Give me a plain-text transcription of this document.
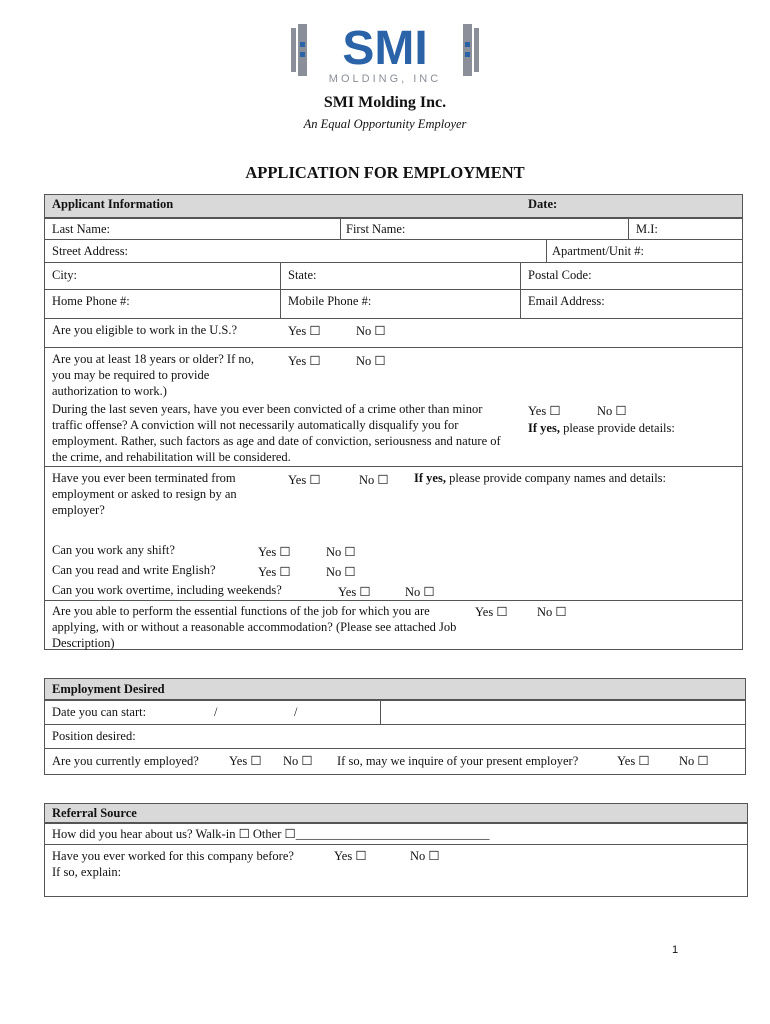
SMI
MOLDING, INC
SMI Molding Inc.
An Equal Opportunity Employer
APPLICATION FOR EMPLOYMENT
Applicant Information	Date:
Last Name:	First Name:	M.I:
Street Address:	Apartment/Unit #:
City:	State:	Postal Code:
Home Phone #:	Mobile Phone #:	Email Address:
Are you eligible to work in the U.S.?	Yes ☐	No ☐
Are you at least 18 years or older? If no, you may be required to provide authorization to work.)
Yes ☐	No ☐
During the last seven years, have you ever been convicted of a crime other than minor traffic offense? A conviction will not necessarily automatically disqualify you for employment. Rather, such factors as age and date of conviction, seriousness and nature of the crime, and rehabilitation will be considered.
Yes ☐	No ☐
If yes, please provide details:
Have you ever been terminated from employment or asked to resign by an employer?
Yes ☐	No ☐ If yes, please provide company names and details:
Can you work any shift?	Yes ☐	No ☐
Can you read and write English?	Yes ☐	No ☐
Can you work overtime, including weekends?	Yes ☐	No ☐
Are you able to perform the essential functions of the job for which you are applying, with or without a reasonable accommodation? (Please see attached Job Description)
Yes ☐ No ☐
Employment Desired
Date you can start:	/	/
Position desired:
Are you currently employed? Yes ☐ No ☐ If so, may we inquire of your present employer?	Yes ☐ No ☐
Referral Source
How did you hear about us? Walk-in ☐ Other ☐_______________________________
Have you ever worked for this company before?	Yes ☐	No ☐
If so, explain:
1
